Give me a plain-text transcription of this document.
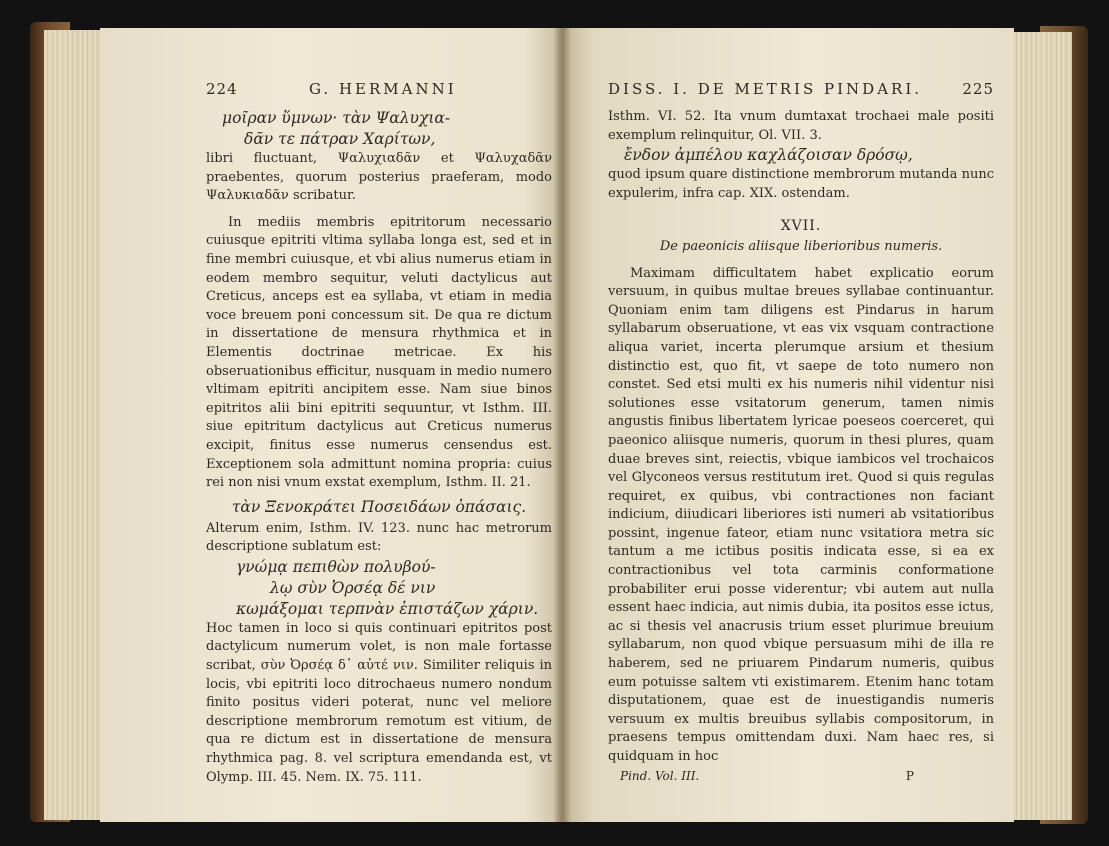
224	G. HERMANNI
μοῖραν ὕμνων· τὰν Ψαλυχια-
δᾶν τε πάτραν Χαρίτων,

libri fluctuant, Ψαλυχιαδᾶν et Ψαλυχαδᾶν praebentes, quorum posterius praeferam, modo Ψαλυκιαδᾶν scribatur.

In mediis membris epitritorum necessario cuiusque epitriti vltima syllaba longa est, sed et in fine membri cuiusque, et vbi alius numerus etiam in eodem membro sequitur, veluti dactylicus aut Creticus, anceps est ea syllaba, vt etiam in media voce breuem poni concessum sit. De qua re dictum in dissertatione de mensura rhythmica et in Elementis doctrinae metricae. Ex his obseruationibus efficitur, nusquam in medio numero vltimam epitriti ancipitem esse. Nam siue binos epitritos alii bini epitriti sequuntur, vt Isthm. III. siue epitritum dactylicus aut Creticus numerus excipit, finitus esse numerus censendus est. Exceptionem sola admittunt nomina propria: cuius rei non nisi vnum exstat exemplum, Isthm. II. 21.

τὰν Ξενοκράτει Ποσειδάων ὀπάσαις.

Alterum enim, Isthm. IV. 123. nunc hac metrorum descriptione sublatum est:

γνώμᾳ πεπιθὼν πολυβού-
λῳ σὺν Ὀρσέᾳ δέ νιν
κωμάξομαι τερπνὰν ἐπιστάζων χάριν.

Hoc tamen in loco si quis continuari epitritos post dactylicum numerum volet, is non male fortasse scribat, σὺν Ὀρσέᾳ δ᾽ αὐτέ νιν. Similiter reliquis in locis, vbi epitriti loco ditrochaeus numero nondum finito positus videri poterat, nunc vel meliore descriptione membrorum remotum est vitium, de qua re dictum est in dissertatione de mensura rhythmica pag. 8. vel scriptura emendanda est, vt Olymp. III. 45. Nem. IX. 75. 111.

DISS. I. DE METRIS PINDARI.	225

Isthm. VI. 52. Ita vnum dumtaxat trochaei male positi exemplum relinquitur, Ol. VII. 3.

ἔνδον ἀμπέλου καχλάζοισαν δρόσῳ,

quod ipsum quare distinctione membrorum mutanda nunc expulerim, infra cap. XIX. ostendam.

XVII.
De paeonicis aliisque liberioribus numeris.

Maximam difficultatem habet explicatio eorum versuum, in quibus multae breues syllabae continuantur. Quoniam enim tam diligens est Pindarus in harum syllabarum obseruatione, vt eas vix vsquam contractione aliqua variet, incerta plerumque arsium et thesium distinctio est, quo fit, vt saepe de toto numero non constet. Sed etsi multi ex his numeris nihil videntur nisi solutiones esse vsitatorum generum, tamen nimis angustis finibus libertatem lyricae poeseos coerceret, qui paeonico aliisque numeris, quorum in thesi plures, quam duae breves sint, reiectis, vbique iambicos vel trochaicos vel Glyconeos versus restitutum iret. Quod si quis regulas requiret, ex quibus, vbi contractiones non faciant indicium, diiudicari liberiores isti numeri ab vsitatioribus possint, ingenue fateor, etiam nunc vsitatiora metra sic tantum a me ictibus positis indicata esse, si ea ex contractionibus vel tota carminis conformatione probabiliter erui posse viderentur; vbi autem aut nulla essent haec indicia, aut nimis dubia, ita positos esse ictus, ac si thesis vel anacrusis trium esset plurimue breuium syllabarum, non quod vbique persuasum mihi de illa re haberem, sed ne priuarem Pindarum numeris, quibus eum potuisse saltem vti existimarem. Etenim hanc totam disputationem, quae est de inuestigandis numeris versuum ex multis breuibus syllabis compositorum, in praesens tempus omittendam duxi. Nam haec res, si quidquam in hoc

Pind. Vol. III.	P
